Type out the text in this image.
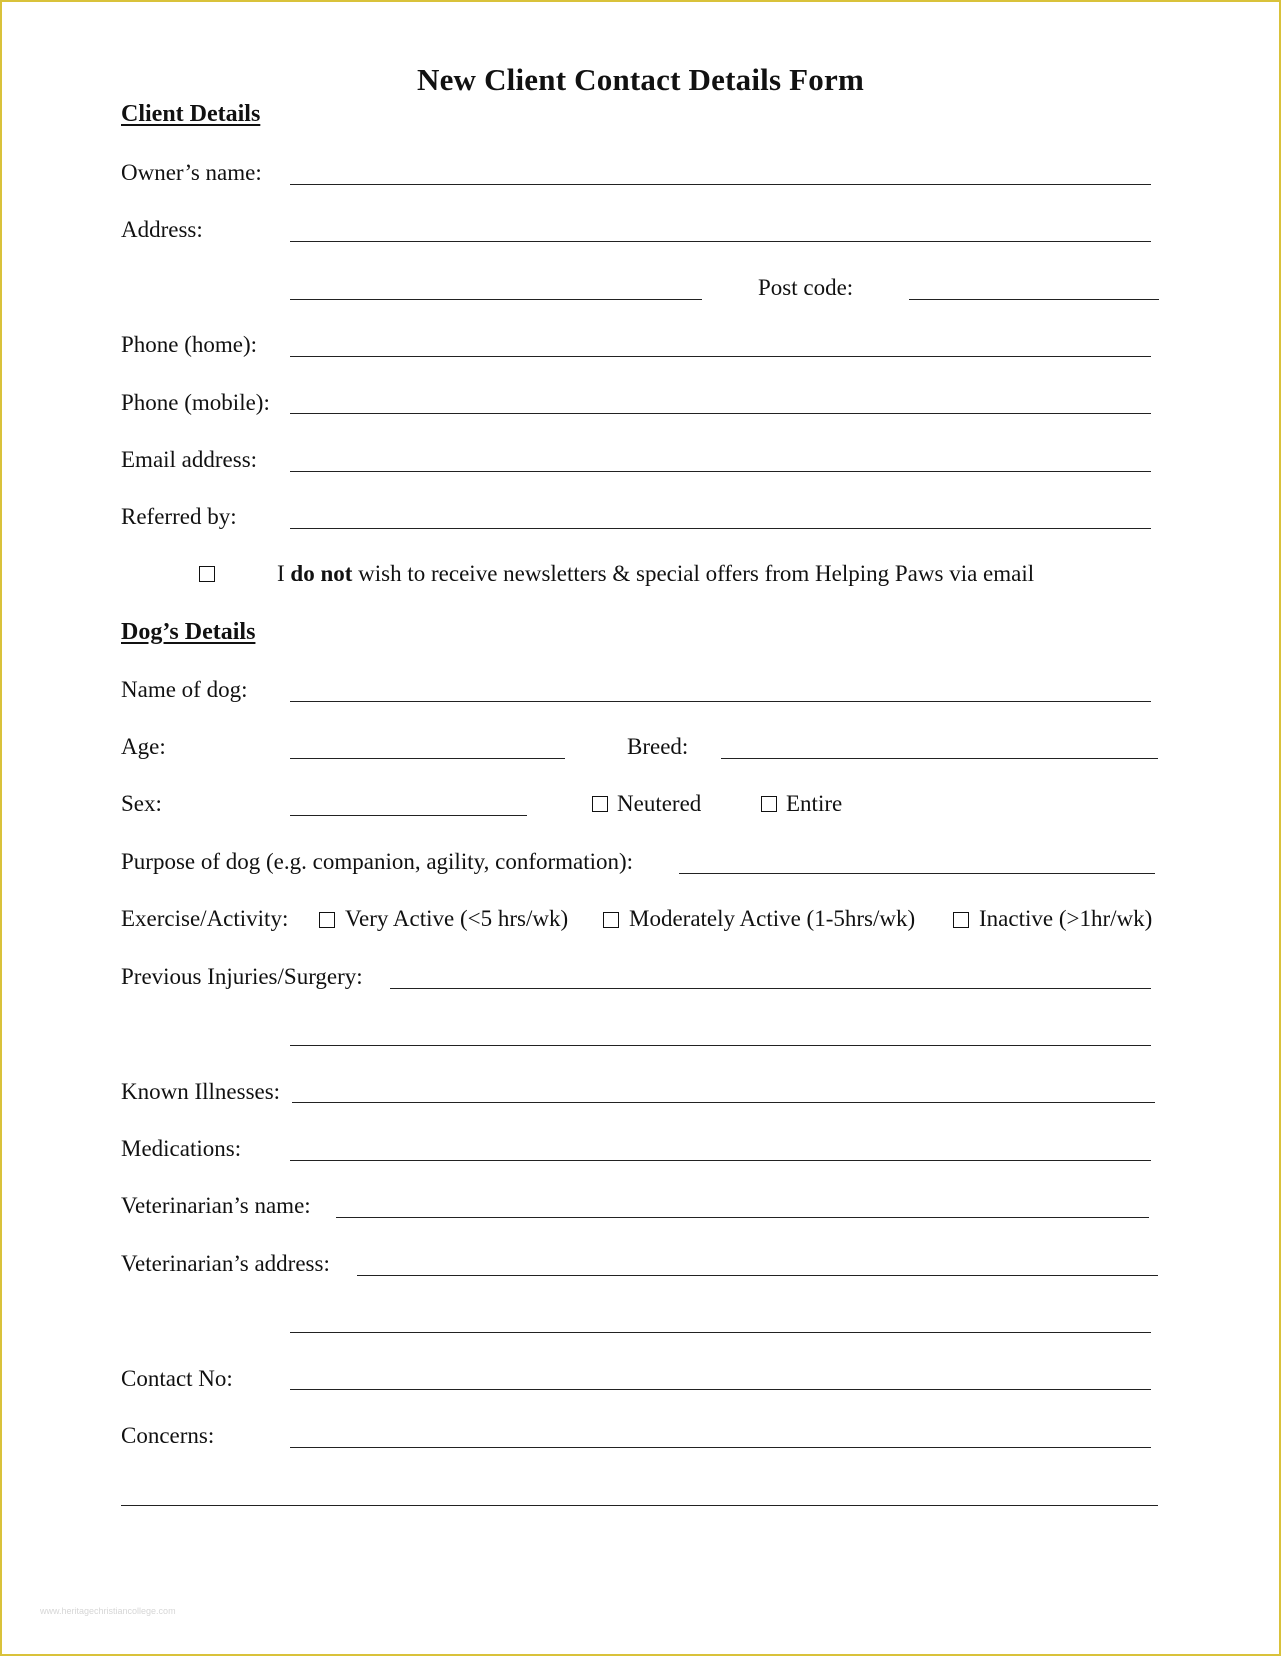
New Client Contact Details Form
Client Details
Owner’s name:
Address:
Post code:
Phone (home):
Phone (mobile):
Email address:
Referred by:
I do not wish to receive newsletters & special offers from Helping Paws via email
Dog’s Details
Name of dog:
Age:	Breed:
Sex:	Neutered	Entire
Purpose of dog (e.g. companion, agility, conformation):
Exercise/Activity: Very Active (<5 hrs/wk)	Moderately Active (1-5hrs/wk)	Inactive (>1hr/wk)
Previous Injuries/Surgery:
Known Illnesses:
Medications:
Veterinarian’s name:
Veterinarian’s address:
Contact No:
Concerns:
www.heritagechristiancollege.com
